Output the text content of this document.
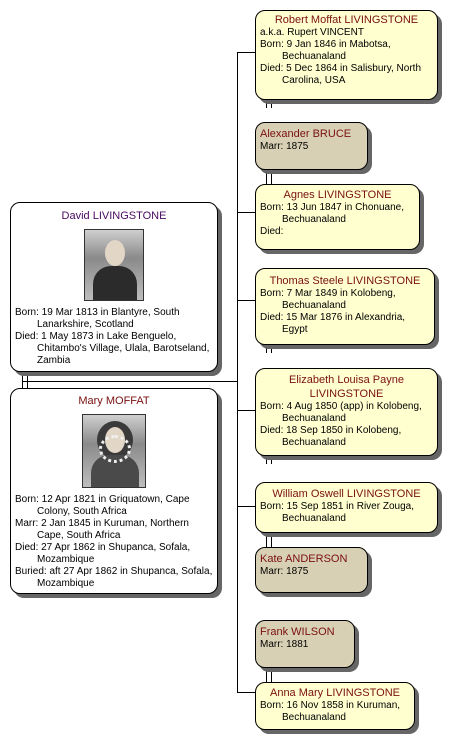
David LIVINGSTONE
Born: 19 Mar 1813 in Blantyre, South Lanarkshire, Scotland
Died: 1 May 1873 in Lake Benguelo, Chitambo's Village, Ulala, Barotseland, Zambia
Mary MOFFAT
Born: 12 Apr 1821 in Griquatown, Cape Colony, South Africa
Marr: 2 Jan 1845 in Kuruman, Northern Cape, South Africa
Died: 27 Apr 1862 in Shupanca, Sofala, Mozambique
Buried: aft 27 Apr 1862 in Shupanca, Sofala, Mozambique
Robert Moffat LIVINGSTONE
a.k.a. Rupert VINCENT
Born: 9 Jan 1846 in Mabotsa, Bechuanaland
Died: 5 Dec 1864 in Salisbury, North Carolina, USA
Alexander BRUCE
Marr: 1875
Agnes LIVINGSTONE
Born: 13 Jun 1847 in Chonuane, Bechuanaland
Died:
Thomas Steele LIVINGSTONE
Born: 7 Mar 1849 in Kolobeng, Bechuanaland
Died: 15 Mar 1876 in Alexandria, Egypt
Elizabeth Louisa Payne LIVINGSTONE
Born: 4 Aug 1850 (app) in Kolobeng, Bechuanaland
Died: 18 Sep 1850 in Kolobeng, Bechuanaland
William Oswell LIVINGSTONE
Born: 15 Sep 1851 in River Zouga, Bechuanaland
Kate ANDERSON
Marr: 1875
Frank WILSON
Marr: 1881
Anna Mary LIVINGSTONE
Born: 16 Nov 1858 in Kuruman, Bechuanaland
